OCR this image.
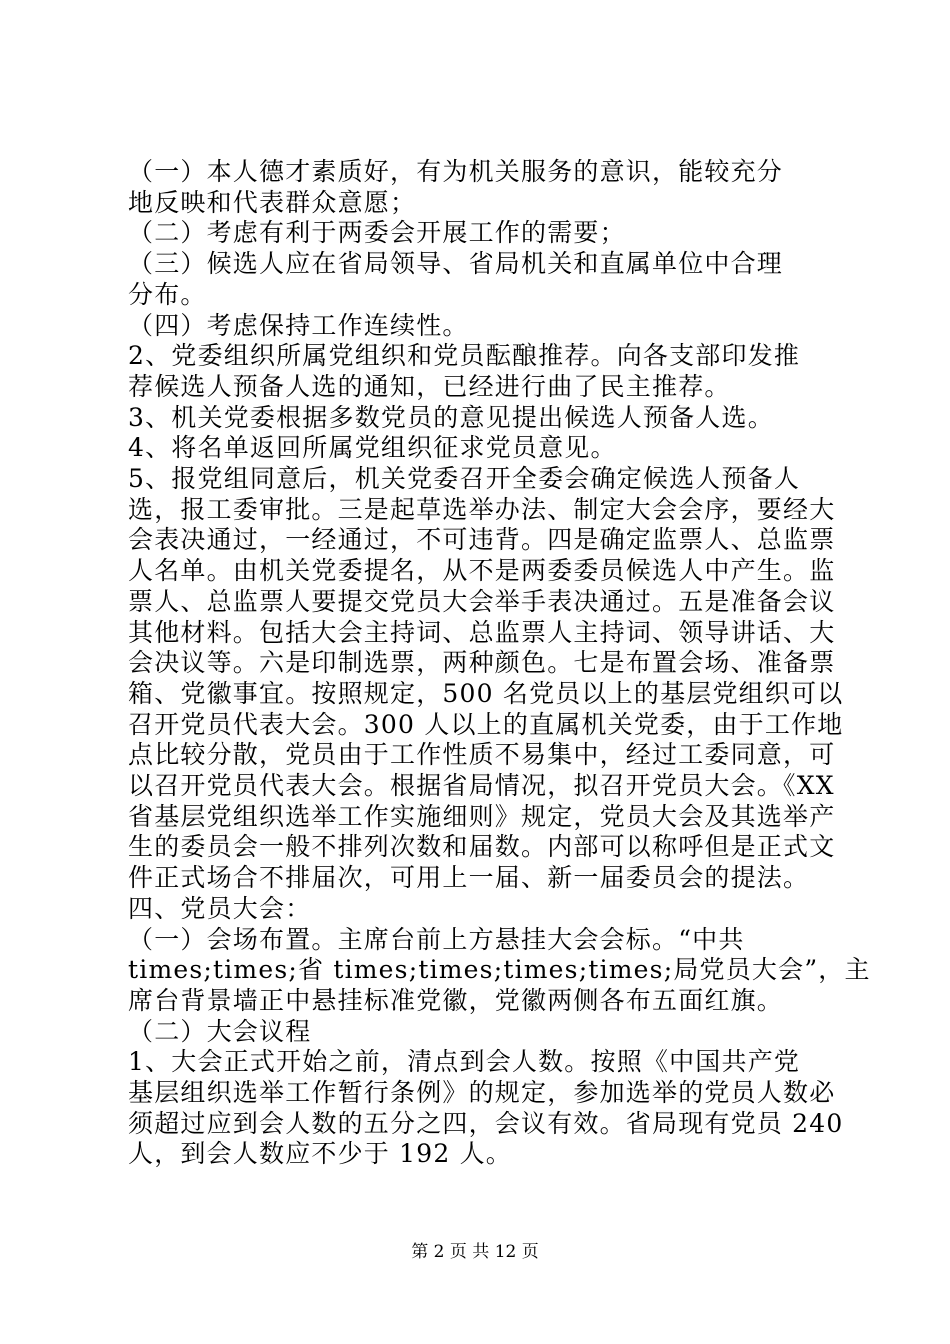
（一）本人德才素质好，有为机关服务的意识，能较充分
地反映和代表群众意愿；
（二）考虑有利于两委会开展工作的需要；
（三）候选人应在省局领导、省局机关和直属单位中合理
分布。
（四）考虑保持工作连续性。
2、党委组织所属党组织和党员酝酿推荐。向各支部印发推
荐候选人预备人选的通知，已经进行曲了民主推荐。
3、机关党委根据多数党员的意见提出候选人预备人选。
4、将名单返回所属党组织征求党员意见。
5、报党组同意后，机关党委召开全委会确定候选人预备人
选，报工委审批。三是起草选举办法、制定大会会序，要经大
会表决通过，一经通过，不可违背。四是确定监票人、总监票
人名单。由机关党委提名，从不是两委委员候选人中产生。监
票人、总监票人要提交党员大会举手表决通过。五是准备会议
其他材料。包括大会主持词、总监票人主持词、领导讲话、大
会决议等。六是印制选票，两种颜色。七是布置会场、准备票
箱、党徽事宜。按照规定，500 名党员以上的基层党组织可以
召开党员代表大会。300 人以上的直属机关党委，由于工作地
点比较分散，党员由于工作性质不易集中，经过工委同意，可
以召开党员代表大会。根据省局情况，拟召开党员大会。《XX
省基层党组织选举工作实施细则》规定，党员大会及其选举产
生的委员会一般不排列次数和届数。内部可以称呼但是正式文
件正式场合不排届次，可用上一届、新一届委员会的提法。
四、党员大会：
（一）会场布置。主席台前上方悬挂大会会标。“中共
times;times;省 times;times;times;times;局党员大会”，主
席台背景墙正中悬挂标准党徽，党徽两侧各布五面红旗。
（二）大会议程
1、大会正式开始之前，清点到会人数。按照《中国共产党
基层组织选举工作暂行条例》的规定，参加选举的党员人数必
须超过应到会人数的五分之四，会议有效。省局现有党员 240
人，到会人数应不少于 192 人。
第 2 页 共 12 页
